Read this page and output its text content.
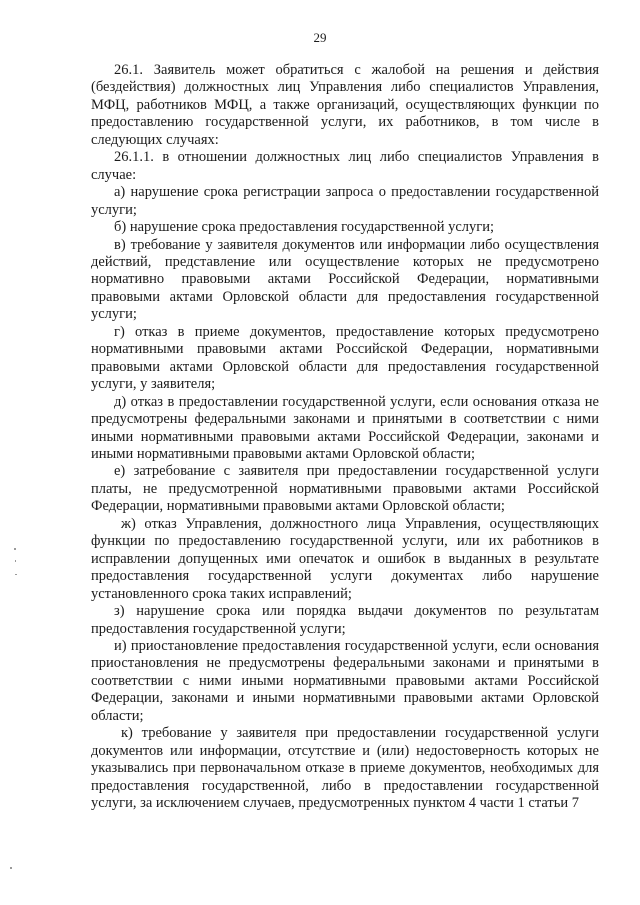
29

26.1. Заявитель может обратиться с жалобой на решения и действия (бездействия) должностных лиц Управления либо специалистов Управления, МФЦ, работников МФЦ, а также организаций, осуществляющих функции по предоставлению государственной услуги, их работников, в том числе в следующих случаях:

26.1.1. в отношении должностных лиц либо специалистов Управления в случае:

а) нарушение срока регистрации запроса о предоставлении государственной услуги;

б) нарушение срока предоставления государственной услуги;

в) требование у заявителя документов или информации либо осуществления действий, представление или осуществление которых не предусмотрено нормативно правовыми актами Российской Федерации, нормативными правовыми актами Орловской области для предоставления государственной услуги;

г) отказ в приеме документов, предоставление которых предусмотрено нормативными правовыми актами Российской Федерации, нормативными правовыми актами Орловской области для предоставления государственной услуги, у заявителя;

д) отказ в предоставлении государственной услуги, если основания отказа не предусмотрены федеральными законами и принятыми в соответствии с ними иными нормативными правовыми актами Российской Федерации, законами и иными нормативными правовыми актами Орловской области;

е) затребование с заявителя при предоставлении государственной услуги платы, не предусмотренной нормативными правовыми актами Российской Федерации, нормативными правовыми актами Орловской области;

ж) отказ Управления, должностного лица Управления, осуществляющих функции по предоставлению государственной услуги, или их работников в исправлении допущенных ими опечаток и ошибок в выданных в результате предоставления государственной услуги документах либо нарушение установленного срока таких исправлений;

з) нарушение срока или порядка выдачи документов по результатам предоставления государственной услуги;

и) приостановление предоставления государственной услуги, если основания приостановления не предусмотрены федеральными законами и принятыми в соответствии с ними иными нормативными правовыми актами Российской Федерации, законами и иными нормативными правовыми актами Орловской области;

к) требование у заявителя при предоставлении государственной услуги документов или информации, отсутствие и (или) недостоверность которых не указывались при первоначальном отказе в приеме документов, необходимых для предоставления государственной, либо в предоставлении государственной услуги, за исключением случаев, предусмотренных пунктом 4 части 1 статьи 7
